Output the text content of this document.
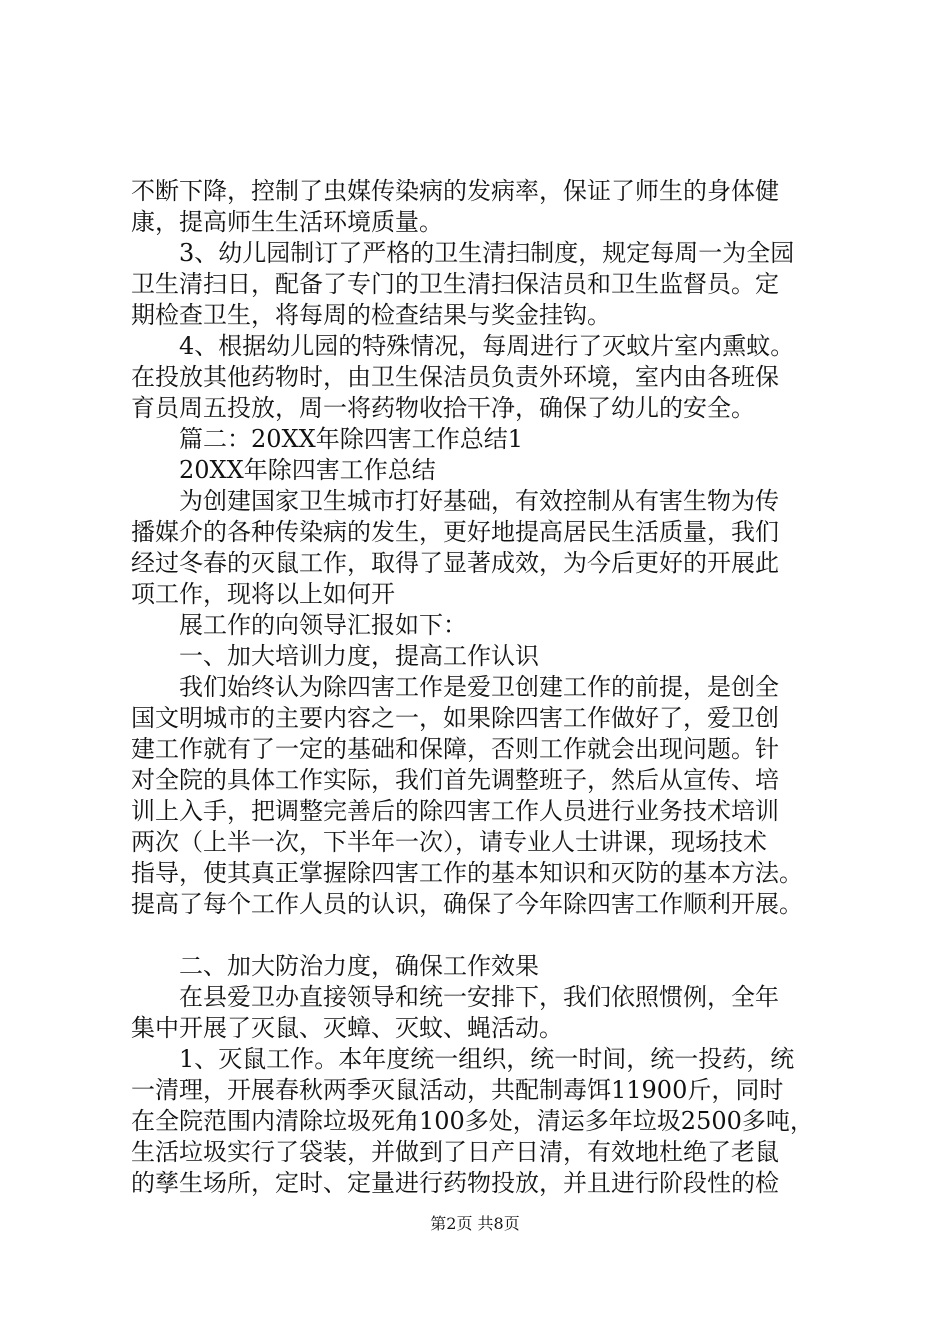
不断下降，控制了虫媒传染病的发病率，保证了师生的身体健
康，提高师生生活环境质量。
　　3、幼儿园制订了严格的卫生清扫制度，规定每周一为全园
卫生清扫日，配备了专门的卫生清扫保洁员和卫生监督员。定
期检查卫生，将每周的检查结果与奖金挂钩。
　　4、根据幼儿园的特殊情况，每周进行了灭蚊片室内熏蚊。
在投放其他药物时，由卫生保洁员负责外环境，室内由各班保
育员周五投放，周一将药物收拾干净，确保了幼儿的安全。
　　篇二：20XX年除四害工作总结1
　　20XX年除四害工作总结
　　为创建国家卫生城市打好基础，有效控制从有害生物为传
播媒介的各种传染病的发生，更好地提高居民生活质量，我们
经过冬春的灭鼠工作，取得了显著成效，为今后更好的开展此
项工作，现将以上如何开
　　展工作的向领导汇报如下：
　　一、加大培训力度，提高工作认识
　　我们始终认为除四害工作是爱卫创建工作的前提，是创全
国文明城市的主要内容之一，如果除四害工作做好了，爱卫创
建工作就有了一定的基础和保障，否则工作就会出现问题。针
对全院的具体工作实际，我们首先调整班子，然后从宣传、培
训上入手，把调整完善后的除四害工作人员进行业务技术培训
两次（上半一次，下半年一次），请专业人士讲课，现场技术
指导，使其真正掌握除四害工作的基本知识和灭防的基本方法。
提高了每个工作人员的认识，确保了今年除四害工作顺利开展。
　　二、加大防治力度，确保工作效果
　　在县爱卫办直接领导和统一安排下，我们依照惯例，全年
集中开展了灭鼠、灭蟑、灭蚊、蝇活动。
　　1、灭鼠工作。本年度统一组织，统一时间，统一投药，统
一清理，开展春秋两季灭鼠活动，共配制毒饵11900斤，同时
在全院范围内清除垃圾死角100多处，清运多年垃圾2500多吨，
生活垃圾实行了袋装，并做到了日产日清，有效地杜绝了老鼠
的孳生场所，定时、定量进行药物投放，并且进行阶段性的检
第2页 共8页
